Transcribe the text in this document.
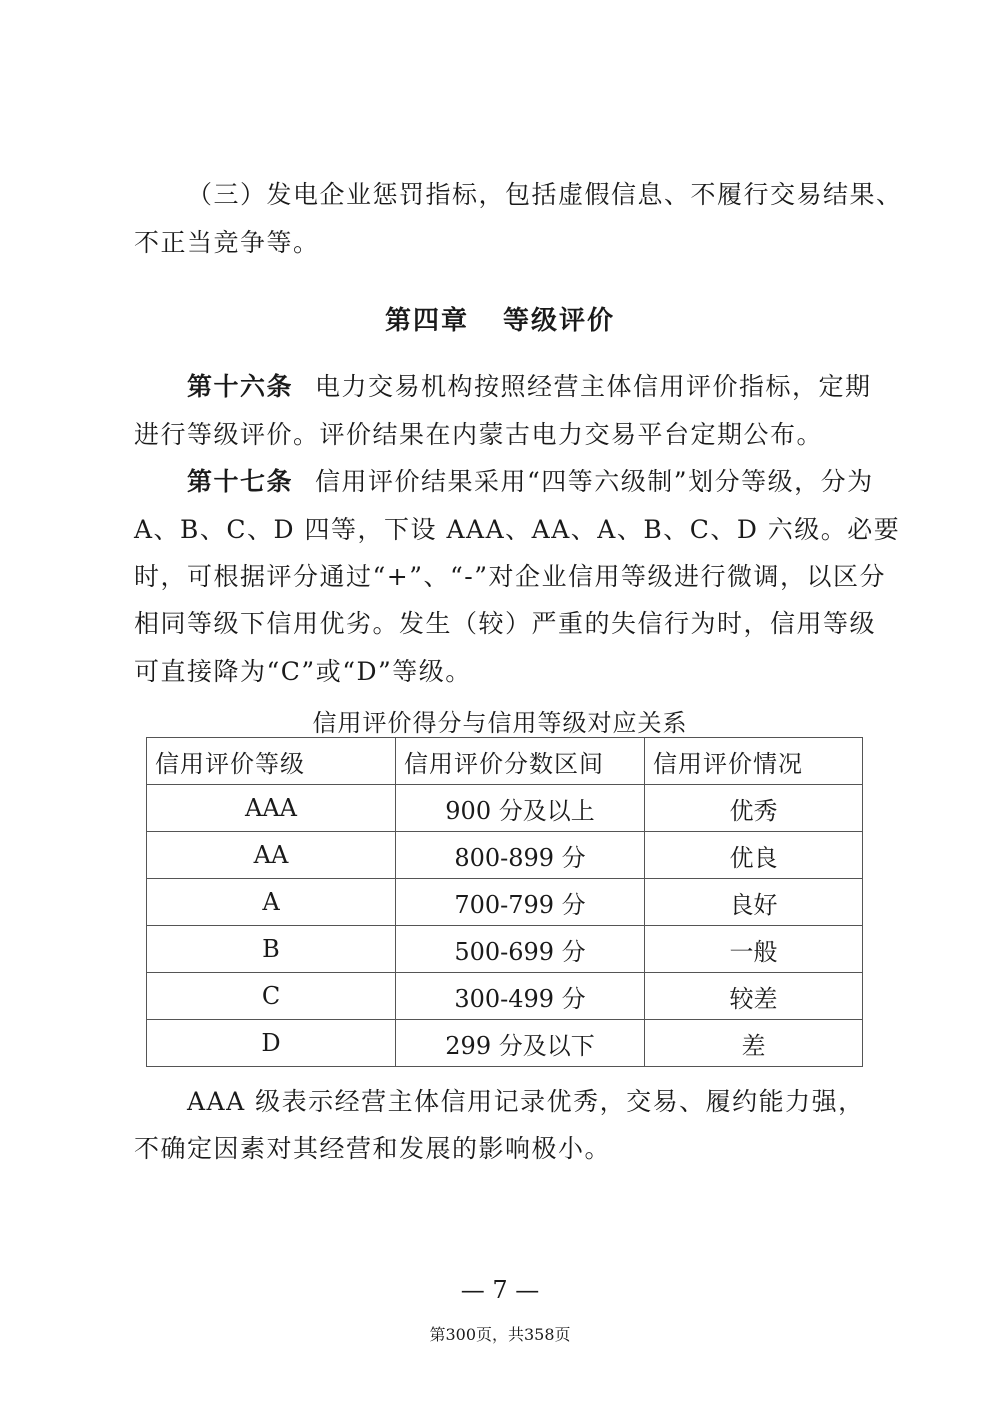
（三）发电企业惩罚指标，包括虚假信息、不履行交易结果、
不正当竞争等。
第四章 等级评价
第十六条 电力交易机构按照经营主体信用评价指标，定期
进行等级评价。评价结果在内蒙古电力交易平台定期公布。
第十七条 信用评价结果采用“四等六级制”划分等级，分为
A、B、C、D 四等，下设 AAA、AA、A、B、C、D 六级。必要
时，可根据评分通过“+”、“-”对企业信用等级进行微调，以区分
相同等级下信用优劣。发生（较）严重的失信行为时，信用等级
可直接降为“C”或“D”等级。
信用评价得分与信用等级对应关系
信用评价等级	信用评价分数区间	信用评价情况
AAA	900 分及以上	优秀
AA	800-899 分	优良
A	700-799 分	良好
B	500-699 分	一般
C	300-499 分	较差
D	299 分及以下	差
AAA 级表示经营主体信用记录优秀，交易、履约能力强，
不确定因素对其经营和发展的影响极小。
— 7 —
第300页，共358页
